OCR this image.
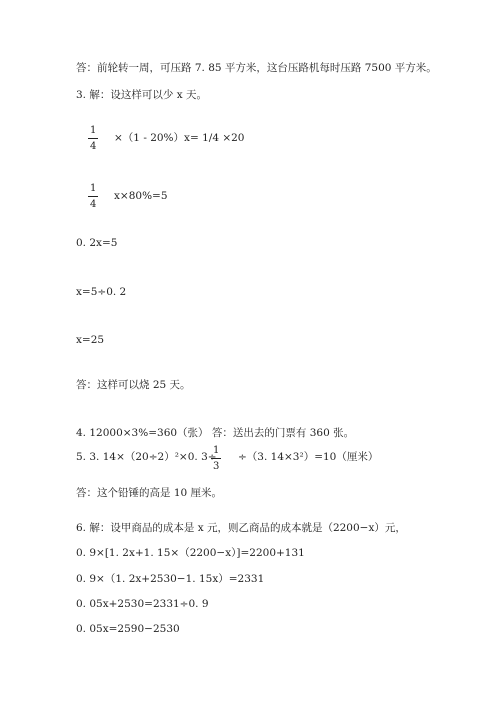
答：前轮转一周，可压路 7. 85 平方米，这台压路机每时压路 7500 平方米。
3. 解：设这样可以少 x 天。
1
4
×（1 - 20%）x= 1/4 ×20
1
4
x×80%=5
0. 2x=5
x=5÷0. 2
x=25
答：这样可以烧 25 天。
4. 12000×3%=360（张） 答：送出去的门票有 360 张。
5. 3. 14×（20÷2）²×0. 3÷
1
3
÷（3. 14×3²）=10（厘米）
答：这个铅锤的高是 10 厘米。
6. 解：设甲商品的成本是 x 元，则乙商品的成本就是（2200−x）元，
0. 9×[1. 2x+1. 15×（2200−x）]=2200+131
0. 9×（1. 2x+2530−1. 15x）=2331
0. 05x+2530=2331÷0. 9
0. 05x=2590−2530
